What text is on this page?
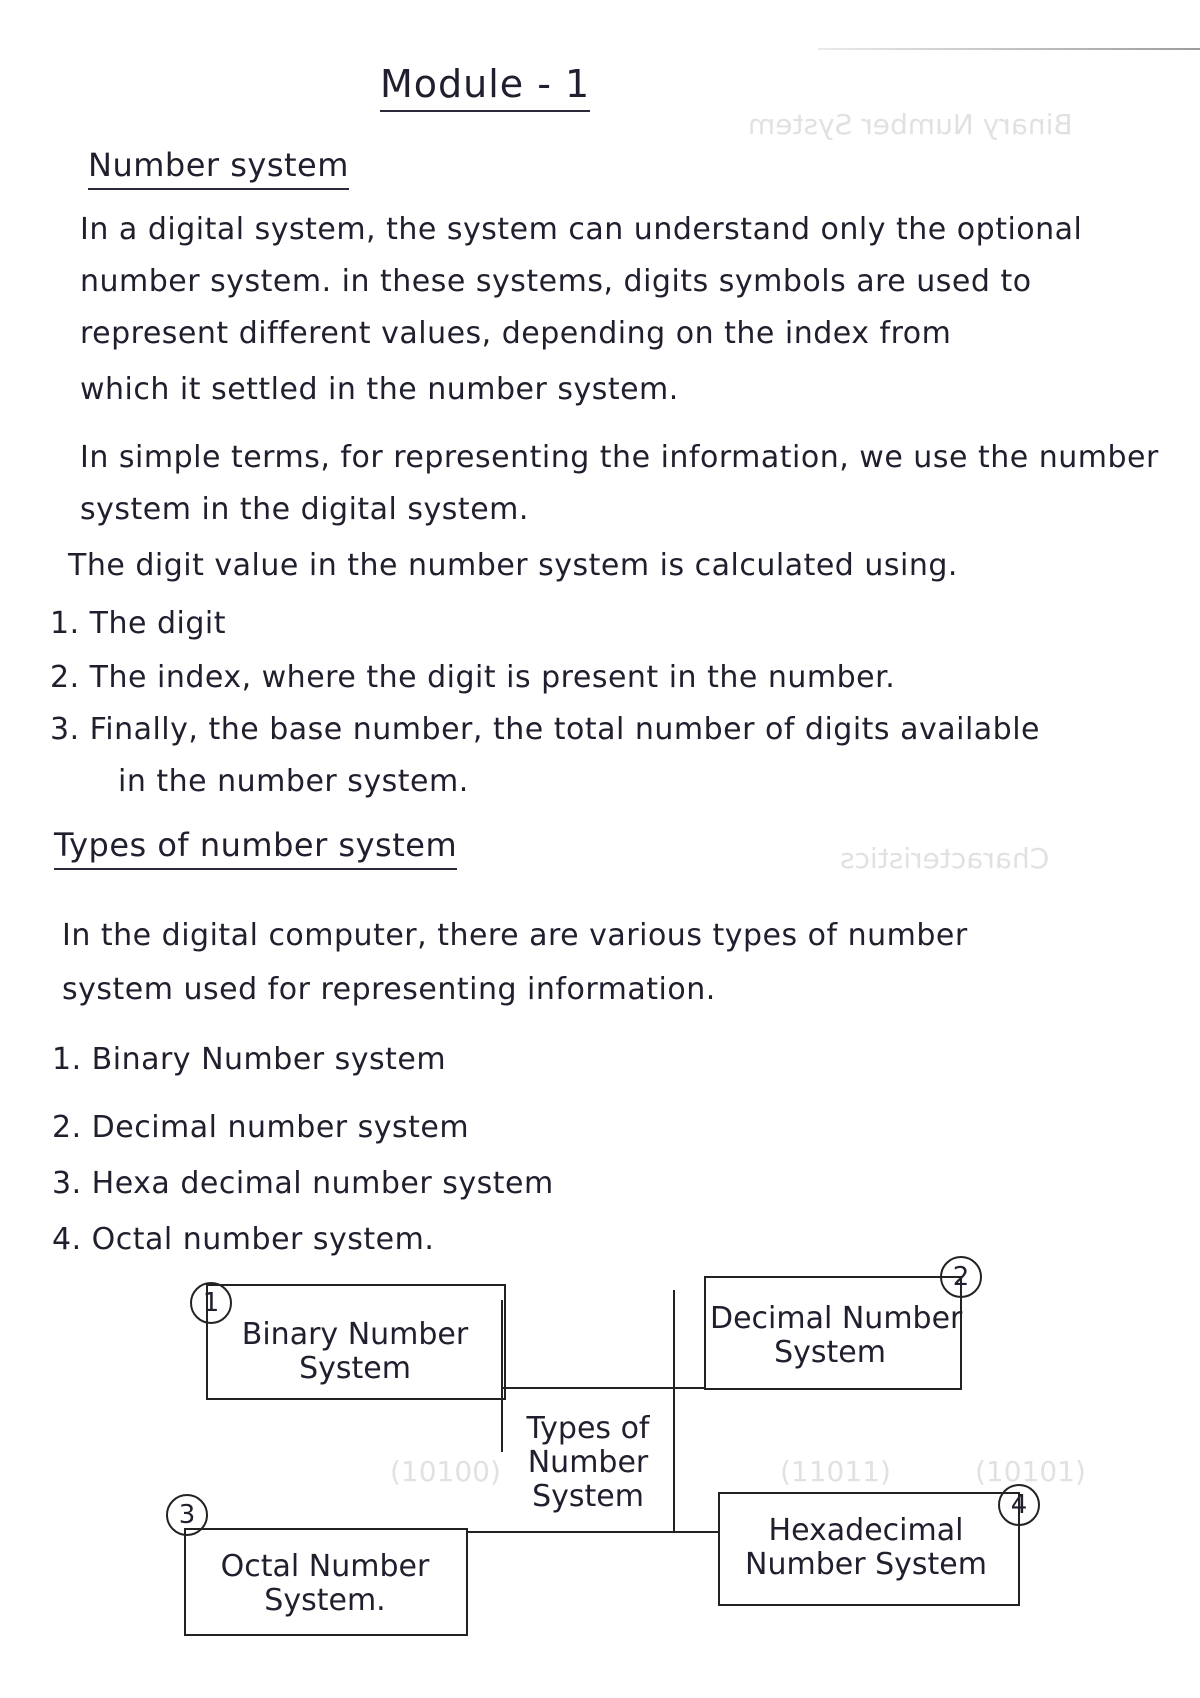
Binary Number System
Characteristics
(10100)	(11011)	(10101)
Module - 1
Number system
In a digital system, the system can understand only the optional
number system. in these systems, digits symbols are used to
represent different values, depending on the index from
which it settled in the number system.
In simple terms, for representing the information, we use the number
system in the digital system.
The digit value in the number system is calculated using.
1. The digit
2. The index, where the digit is present in the number.
3. Finally, the base number, the total number of digits available
in the number system.
Types of number system
In the digital computer, there are various types of number
system used for representing information.
1. Binary Number system
2. Decimal number system
3. Hexa decimal number system
4. Octal number system.
Types of
Number
System
1
Binary Number
System
2
Decimal Number
System
3
Octal Number
System.
4
Hexadecimal
Number System
